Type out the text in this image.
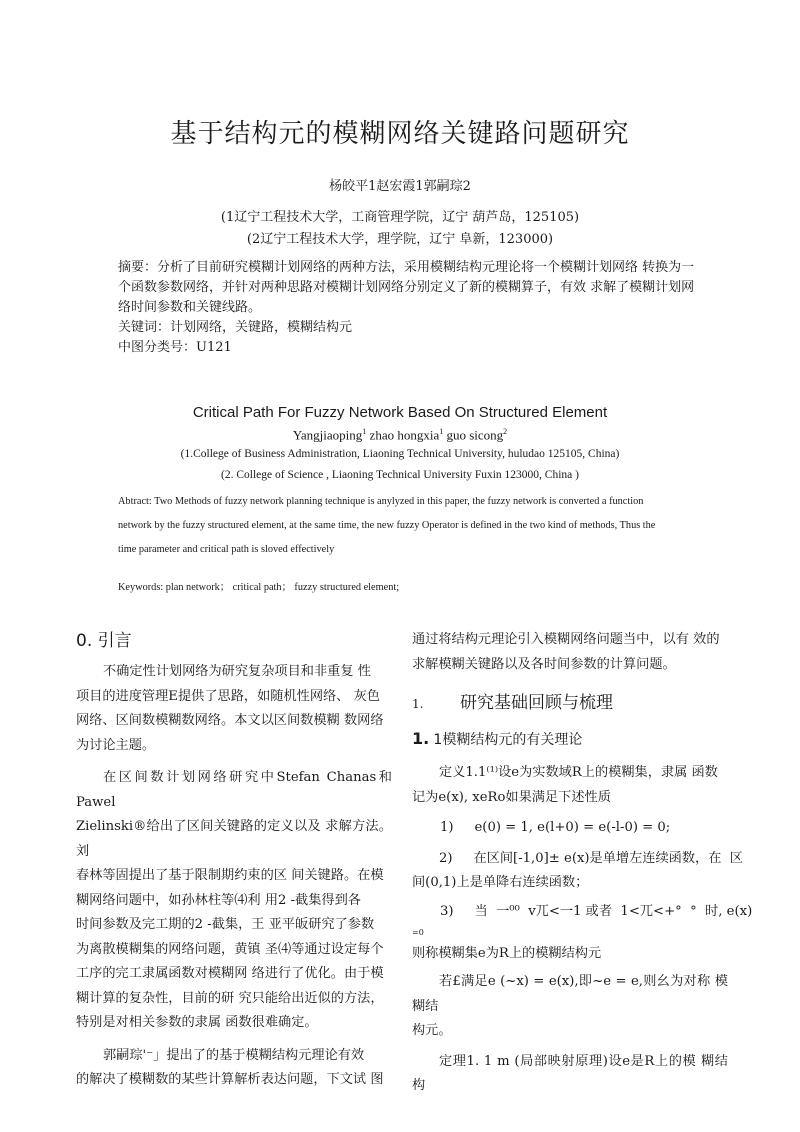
基于结构元的模糊网络关键路问题研究
杨皎平1赵宏霞1郭嗣琮2
(1辽宁工程技术大学，工商管理学院，辽宁 葫芦岛，125105)
(2辽宁工程技术大学，理学院，辽宁 阜新，123000)
摘要：分析了目前研究模糊计划网络的两种方法，采用模糊结构元理论将一个模糊计划网络 转换为一
个函数参数网络，并针对两种思路对模糊计划网络分别定义了新的模糊算子，有效 求解了模糊计划网
络时间参数和关键线路。
关键词：计划网络，关键路，模糊结构元
中图分类号：U121
Critical Path For Fuzzy Network Based On Structured Element
Yangjiaoping$^1$ zhao hongxia$^1$ guo sicong$^2$
(1.College of Business Administration, Liaoning Technical University, huludao 125105, China)
(2. College of Science , Liaoning Technical University Fuxin 123000, China )
Abtract: Two Methods of fuzzy network planning technique is anylyzed in this paper, the fuzzy network is converted a function
network by the fuzzy structured element, at the same time, the new fuzzy Operator is defined in the two kind of methods, Thus the
time parameter and critical path is sloved effectively
Keywords: plan network； critical path； fuzzy structured element;
0. 引言

不确定性计划网络为研究复杂项目和非重复 性
项目的进度管理E提供了思路，如随机性网络、 灰色
网络、区间数模糊数网络。本文以区间数模糊 数网络
为讨论主题。

在区间数计划网络研究中Stefan Chanas和 Pawel
Zielinski®给出了区间关键路的定义以及 求解方法。刘
春林等固提出了基于限制期约束的区 间关键路。在模
糊网络问题中，如孙林柱等⑷利 用2 -截集得到各
时间参数及完工期的2 -截集，王 亚平皈研究了参数
为离散模糊集的网络问题，黄镇 圣⑷等通过设定每个
工序的完工隶属函数对模糊网 络进行了优化。由于模
糊计算的复杂性，目前的研 究只能给出近似的方法，
特别是对相关参数的隶属 函数很难确定。

郭嗣琮'⁻」提出了的基于模糊结构元理论有效
的解决了模糊数的某些计算解析表达问题，下文试 图

通过将结构元理论引入模糊网络问题当中，以有 效的
求解模糊关键路以及各时间参数的计算问题。

1. 研究基础回顾与梳理
1. 1模糊结构元的有关理论

定义1.1⁽¹⁾设e为实数域R上的模糊集，隶属 函数
记为e(x), xeRo如果满足下述性质

1)     e(0) = 1, e(l+0) = e(-l-0) = 0;

2)     在区间[-1,0]± e(x)是单增左连续函数，在  区
间(0,1)上是单降右连续函数；

3)     当  一⁰⁰  v兀<一1 或者  1<兀<+°  °  时, e(x)
=0

则称模糊集e为R上的模糊结构元

若£满足e (~x) = e(x),即~e = e,则幺为对称 模糊结
构元。

定理1. 1 m (局部映射原理)设e是R上的模 糊结构
